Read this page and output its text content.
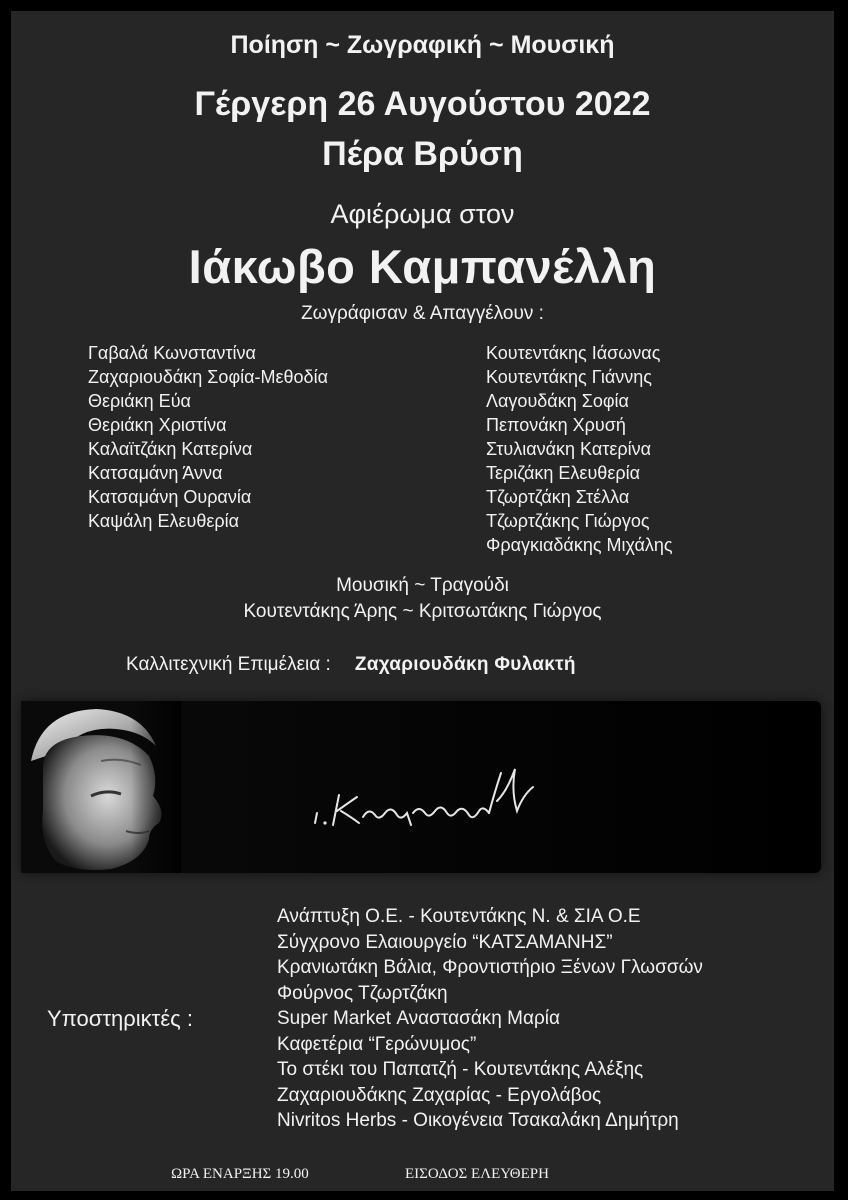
Ποίηση ~ Ζωγραφική ~ Μουσική
Γέργερη 26 Αυγούστου 2022
Πέρα Βρύση
Αφιέρωμα στον
Ιάκωβο Καμπανέλλη
Ζωγράφισαν & Απαγγέλουν :
Γαβαλά Κωνσταντίνα
Ζαχαριουδάκη Σοφία-Μεθοδία
Θεριάκη Εύα
Θεριάκη Χριστίνα
Καλαϊτζάκη Κατερίνα
Κατσαμάνη Άννα
Κατσαμάνη Ουρανία
Καψάλη Ελευθερία
Κουτεντάκης Ιάσωνας
Κουτεντάκης Γιάννης
Λαγουδάκη Σοφία
Πεπονάκη Χρυσή
Στυλιανάκη Κατερίνα
Τεριζάκη Ελευθερία
Τζωρτζάκη Στέλλα
Τζωρτζάκης Γιώργος
Φραγκιαδάκης Μιχάλης
Μουσική ~ Τραγούδι
Κουτεντάκης Άρης ~ Κριτσωτάκης Γιώργος
Καλλιτεχνική Επιμέλεια : Ζαχαριουδάκη Φυλακτή
Υποστηρικτές :
Ανάπτυξη Ο.Ε. - Κουτεντάκης Ν. & ΣΙΑ Ο.Ε
Σύγχρονο Ελαιουργείο “ΚΑΤΣΑΜΑΝΗΣ”
Κρανιωτάκη Βάλια, Φροντιστήριο Ξένων Γλωσσών
Φούρνος Τζωρτζάκη
Super Market Αναστασάκη Μαρία
Καφετέρια “Γερώνυμος”
Το στέκι του Παπατζή - Κουτεντάκης Αλέξης
Ζαχαριουδάκης Ζαχαρίας - Εργολάβος
Nivritos Herbs - Οικογένεια Τσακαλάκη Δημήτρη
ΩΡΑ ΕΝΑΡΞΗΣ 19.00	ΕΙΣΟΔΟΣ ΕΛΕΥΘΕΡΗ
